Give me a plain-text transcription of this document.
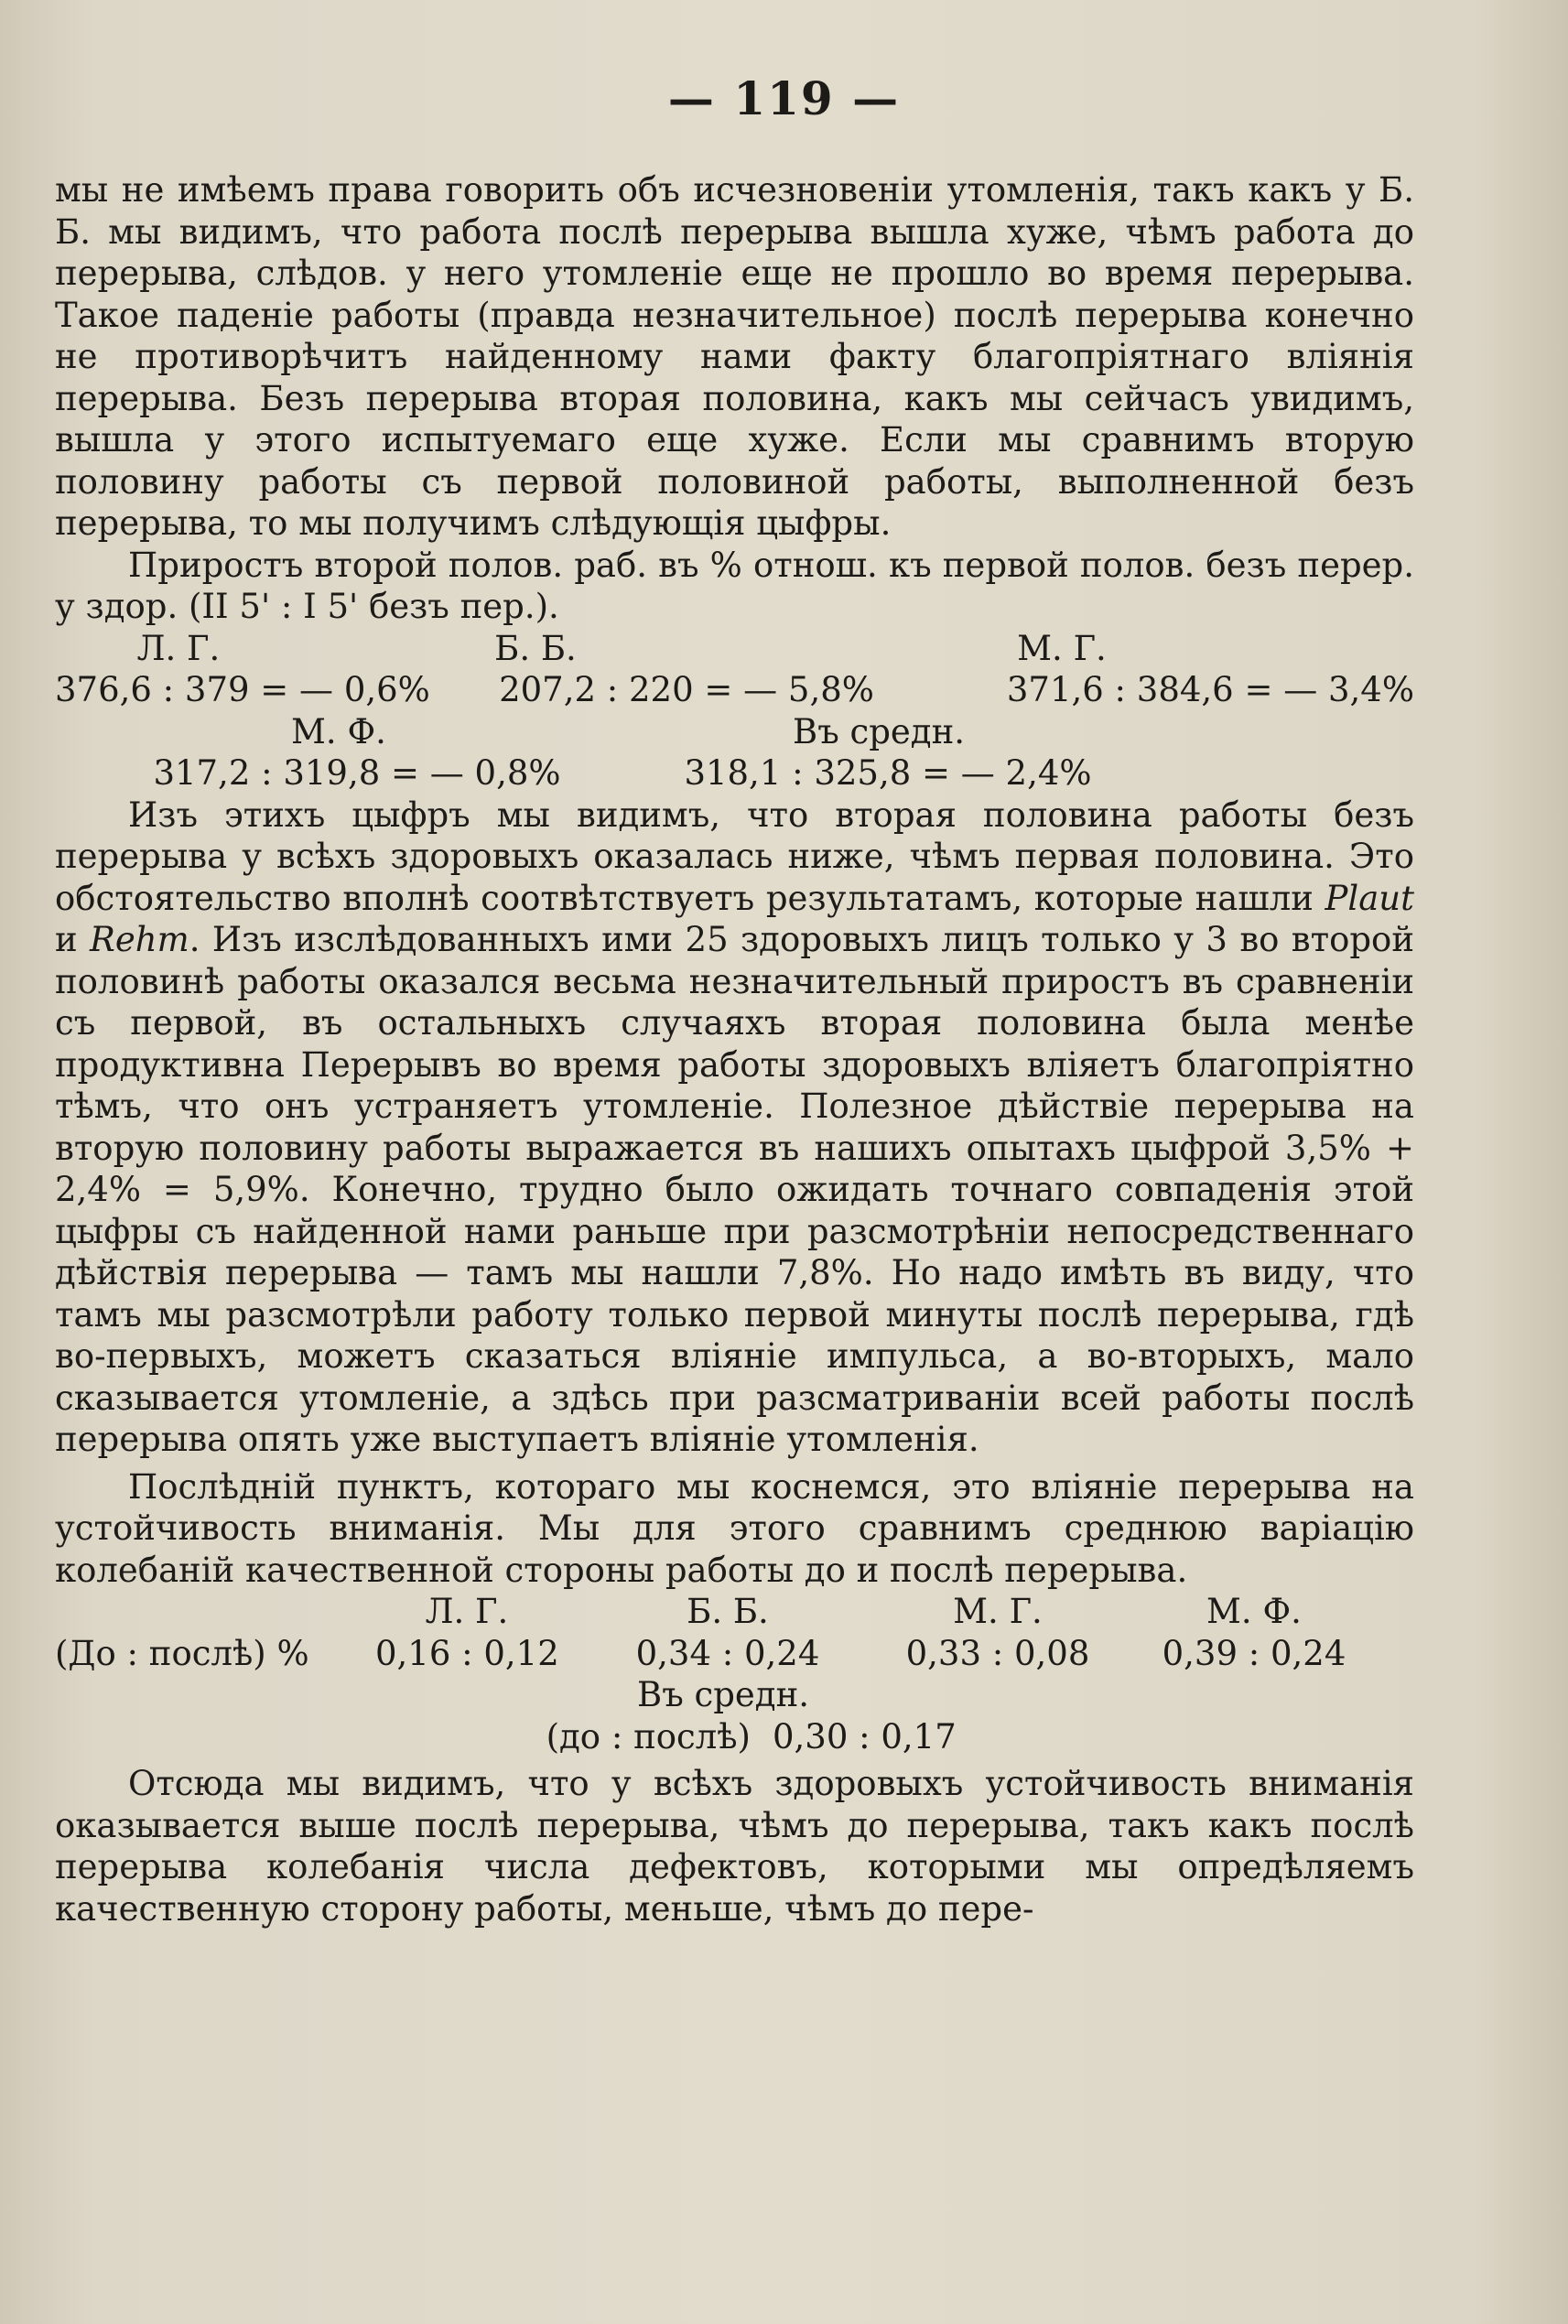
— 119 —

мы не имѣемъ права говорить объ исчезновеніи утомленія, такъ какъ у Б. Б. мы видимъ, что работа послѣ перерыва вышла хуже, чѣмъ работа до перерыва, слѣдов. у него утомленіе еще не прошло во время перерыва. Такое паденіе работы (правда незначительное) послѣ перерыва конечно не противорѣчитъ найденному нами факту благопріятнаго вліянія перерыва. Безъ перерыва вторая половина, какъ мы сейчасъ увидимъ, вышла у этого испытуемаго еще хуже. Если мы сравнимъ вторую половину работы съ первой половиной работы, выполненной безъ перерыва, то мы получимъ слѣдующія цыфры.

Приростъ второй полов. раб. въ % отнош. къ первой полов. безъ перер. у здор. (II 5' : I 5' безъ пер.).

Л. Г.	Б. Б.	М. Г.
376,6 : 379 = — 0,6%	207,2 : 220 = — 5,8%	371,6 : 384,6 = — 3,4%
М. Ф.	Въ средн.
317,2 : 319,8 = — 0,8%	318,1 : 325,8 = — 2,4%

Изъ этихъ цыфръ мы видимъ, что вторая половина работы безъ перерыва у всѣхъ здоровыхъ оказалась ниже, чѣмъ первая половина. Это обстоятельство вполнѣ соотвѣтствуетъ результатамъ, которые нашли Plaut и Rehm. Изъ изслѣдованныхъ ими 25 здоровыхъ лицъ только у 3 во второй половинѣ работы оказался весьма незначительный приростъ въ сравненіи съ первой, въ остальныхъ случаяхъ вторая половина была менѣе продуктивна Перерывъ во время работы здоровыхъ вліяетъ благопріятно тѣмъ, что онъ устраняетъ утомленіе. Полезное дѣйствіе перерыва на вторую половину работы выражается въ нашихъ опытахъ цыфрой 3,5% + 2,4% = 5,9%. Конечно, трудно было ожидать точнаго совпаденія этой цыфры съ найденной нами раньше при разсмотрѣніи непосредственнаго дѣйствія перерыва — тамъ мы нашли 7,8%. Но надо имѣть въ виду, что тамъ мы разсмотрѣли работу только первой минуты послѣ перерыва, гдѣ во-первыхъ, можетъ сказаться вліяніе импульса, а во-вторыхъ, мало сказывается утомленіе, а здѣсь при разсматриваніи всей работы послѣ перерыва опять уже выступаетъ вліяніе утомленія.

Послѣдній пунктъ, котораго мы коснемся, это вліяніе перерыва на устойчивость вниманія. Мы для этого сравнимъ среднюю варіацію колебаній качественной стороны работы до и послѣ перерыва.

Л. Г.	Б. Б.	М. Г.	М. Ф.
(До : послѣ) %	0,16 : 0,12	0,34 : 0,24	0,33 : 0,08	0,39 : 0,24
Въ средн.
(до : послѣ) 0,30 : 0,17

Отсюда мы видимъ, что у всѣхъ здоровыхъ устойчивость вниманія оказывается выше послѣ перерыва, чѣмъ до перерыва, такъ какъ послѣ перерыва колебанія числа дефектовъ, которыми мы опредѣляемъ качественную сторону работы, меньше, чѣмъ до пере-
